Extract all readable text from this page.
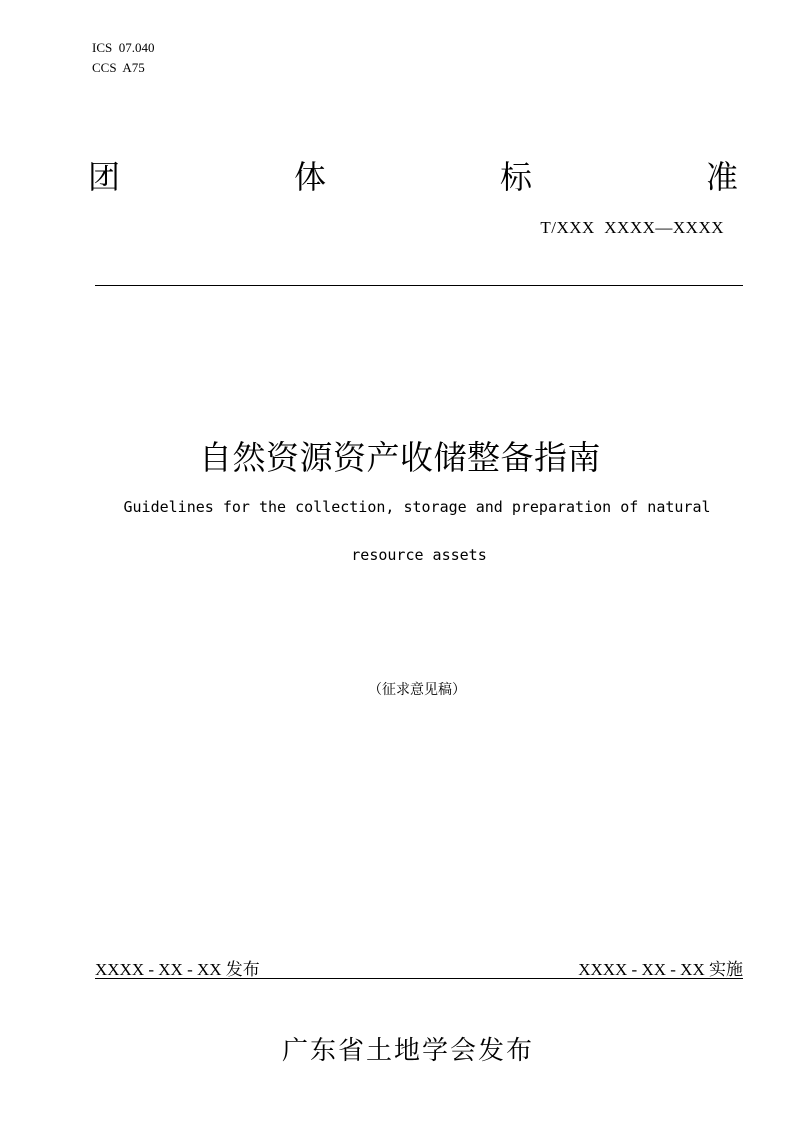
ICS  07.040
CCS  A75
团	体	标	准
T/XXX  XXXX—XXXX
自然资源资产收储整备指南
Guidelines for the collection, storage and preparation of natural
resource assets
（征求意见稿）
XXXX - XX - XX 发布	XXXX - XX - XX 实施
广东省土地学会发布
